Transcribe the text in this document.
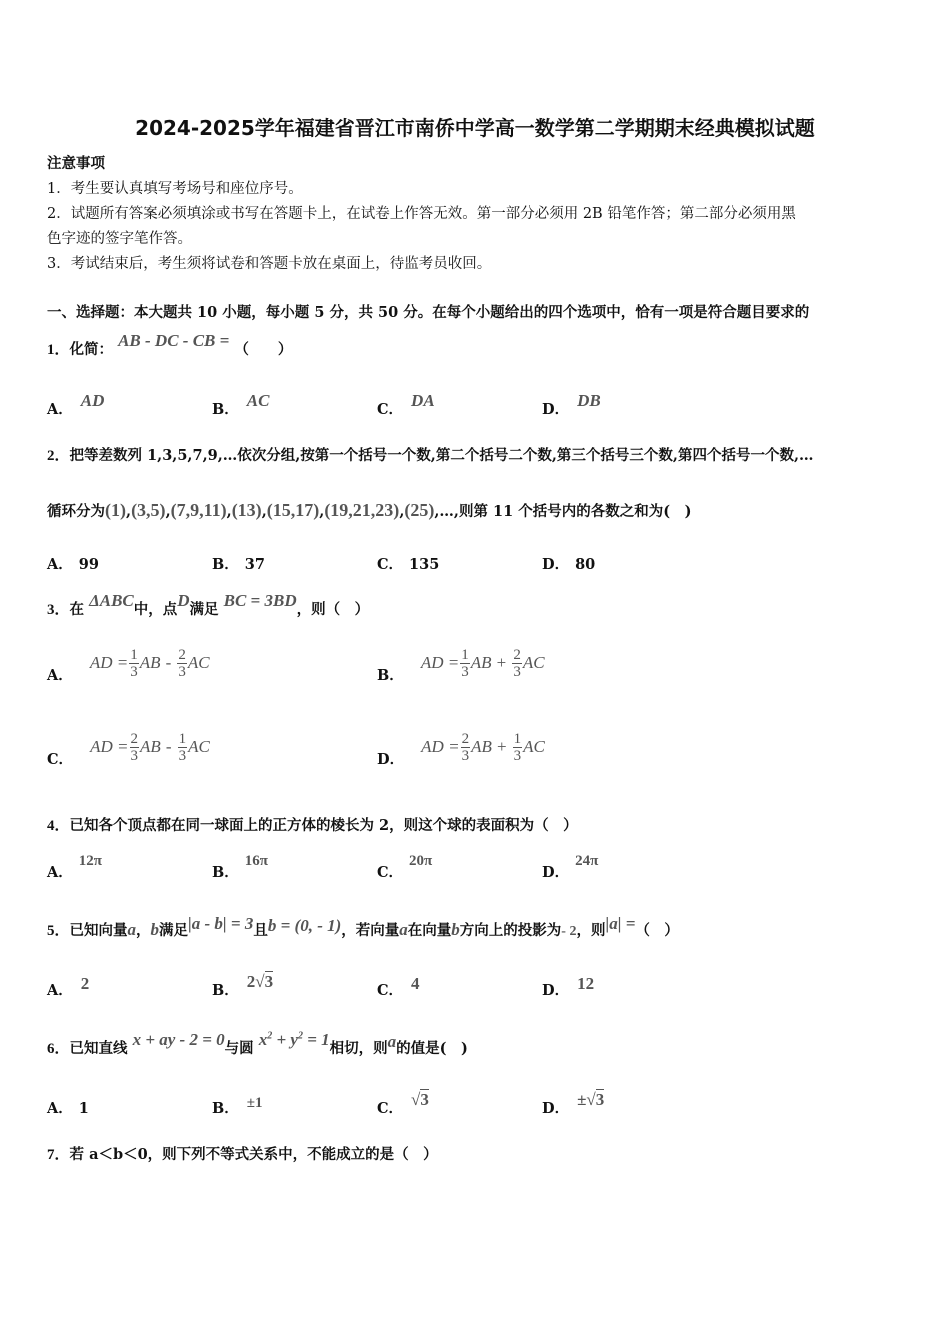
2024-2025学年福建省晋江市南侨中学高一数学第二学期期末经典模拟试题
注意事项
1．考生要认真填写考场号和座位序号。
2．试题所有答案必须填涂或书写在答题卡上，在试卷上作答无效。第一部分必须用 2B 铅笔作答；第二部分必须用黑
色字迹的签字笔作答。
3．考试结束后，考生须将试卷和答题卡放在桌面上，待监考员收回。
一、选择题：本大题共 10 小题，每小题 5 分，共 50 分。在每个小题给出的四个选项中，恰有一项是符合题目要求的
1．化简： AB - DC - CB = （　　）
A． AD	B． AC	C． DA	D． DB
2．把等差数列 1,3,5,7,9,…依次分组,按第一个括号一个数,第二个括号二个数,第三个括号三个数,第四个括号一个数,…
循环分为(1),(3,5),(7,9,11),(13),(15,17),(19,21,23),(25),…,则第 11 个括号内的各数之和为(　)
A． 99	B． 37	C． 135	D． 80
3．在 ΔABC中，点D满足 BC = 3BD，则（　）
A． AD = $\frac{1}{3}$ AB - $\frac{2}{3}$ AC
B． AD = $\frac{1}{3}$ AB + $\frac{2}{3}$ AC
C． AD = $\frac{2}{3}$ AB - $\frac{1}{3}$ AC
D． AD = $\frac{2}{3}$ AB + $\frac{1}{3}$ AC
4．已知各个顶点都在同一球面上的正方体的棱长为 2，则这个球的表面积为（　）
A．12π
B．16π
C．20π
D．24π
5．已知向量a，b满足|a - b| = 3且b = (0, - 1)，若向量a在向量b方向上的投影为- 2，则|a| =（　）
A． 2	B． 2√3	C． 4	D． 12
6．已知直线 x + ay - 2 = 0与圆 $x^2 + y^2 = 1$相切，则a的值是(　)
A． 1	B． ±1	C． √3	D． ±√3
7．若 a＜b＜0，则下列不等式关系中，不能成立的是（　）
